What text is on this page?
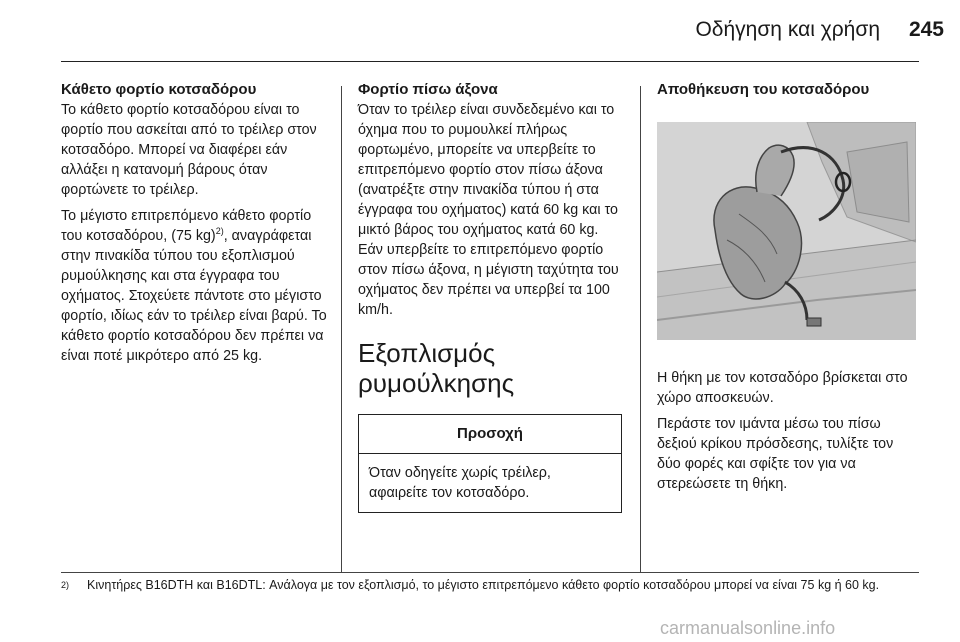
Οδήγηση και χρήση	245
Κάθετο φορτίο κοτσαδόρου

Το κάθετο φορτίο κοτσαδόρου είναι το φορτίο που ασκείται από το τρέιλερ στον κοτσαδόρο. Μπορεί να διαφέρει εάν αλλάξει η κατανομή βάρους όταν φορτώνετε το τρέιλερ.

Το μέγιστο επιτρεπόμενο κάθετο φορτίο του κοτσαδόρου, (75 kg)$^{2)}$, αναγράφεται στην πινακίδα τύπου του εξοπλισμού ρυμούλκησης και στα έγγραφα του οχήματος. Στοχεύετε πάντοτε στο μέγιστο φορτίο, ιδίως εάν το τρέιλερ είναι βαρύ. Το κάθετο φορτίο κοτσαδόρου δεν πρέπει να είναι ποτέ μικρότερο από 25 kg.

Φορτίο πίσω άξονα

Όταν το τρέιλερ είναι συνδεδεμένο και το όχημα που το ρυμουλκεί πλήρως φορτωμένο, μπορείτε να υπερβείτε το επιτρεπόμενο φορτίο στον πίσω άξονα (ανατρέξτε στην πινακίδα τύπου ή στα έγγραφα του οχήματος) κατά 60 kg και το μικτό βάρος του οχήματος κατά 60 kg. Εάν υπερβείτε το επιτρεπόμενο φορτίο στον πίσω άξονα, η μέγιστη ταχύτητα του οχήματος δεν πρέπει να υπερβεί τα 100 km/h.

Εξοπλισμός ρυμούλκησης
Προσοχή
Όταν οδηγείτε χωρίς τρέιλερ, αφαιρείτε τον κοτσαδόρο.
Αποθήκευση του κοτσαδόρου

Η θήκη με τον κοτσαδόρο βρίσκεται στο χώρο αποσκευών.

Περάστε τον ιμάντα μέσω του πίσω δεξιού κρίκου πρόσδεσης, τυλίξτε τον δύο φορές και σφίξτε τον για να στερεώσετε τη θήκη.

2)	Κινητήρες B16DTH και B16DTL: Ανάλογα με τον εξοπλισμό, το μέγιστο επιτρεπόμενο κάθετο φορτίο κοτσαδόρου μπορεί να είναι 75 kg ή 60 kg.
carmanualsonline.info
